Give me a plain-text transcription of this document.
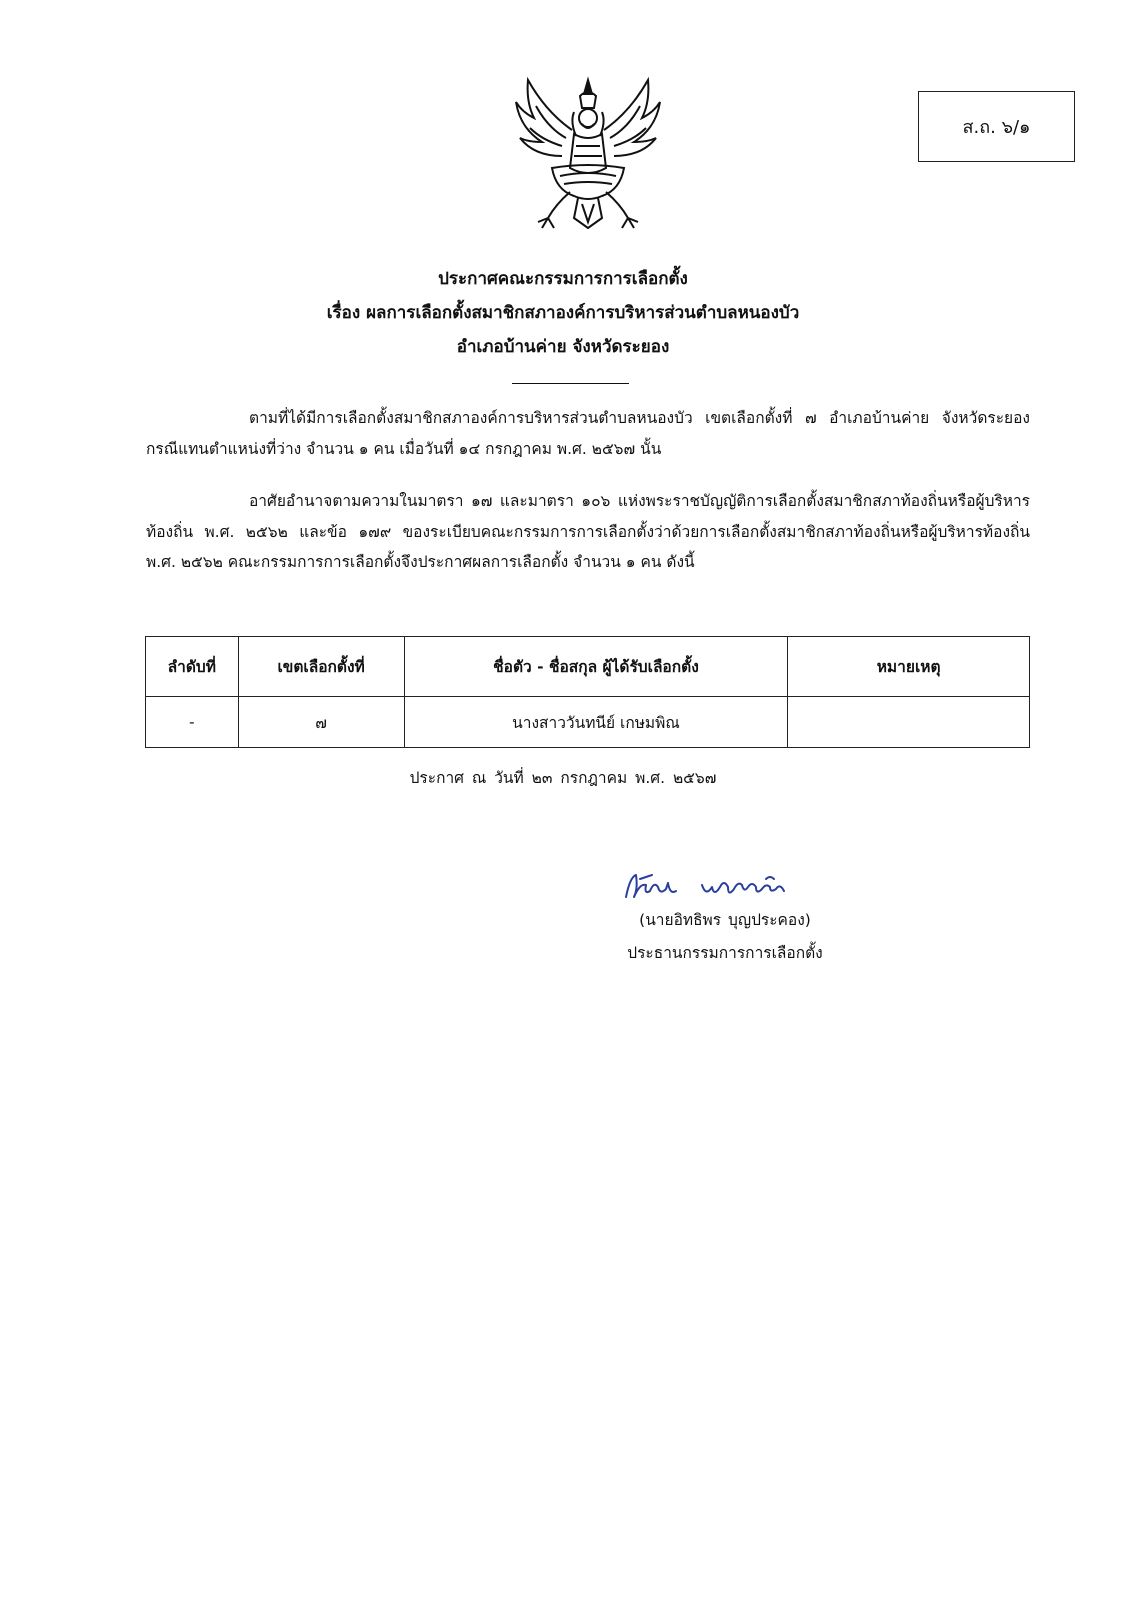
ส.ถ. ๖/๑
ประกาศคณะกรรมการการเลือกตั้ง
เรื่อง ผลการเลือกตั้งสมาชิกสภาองค์การบริหารส่วนตำบลหนองบัว
อำเภอบ้านค่าย จังหวัดระยอง
ตามที่ได้มีการเลือกตั้งสมาชิกสภาองค์การบริหารส่วนตำบลหนองบัว เขตเลือกตั้งที่ ๗ อำเภอบ้านค่าย จังหวัดระยอง กรณีแทนตำแหน่งที่ว่าง จำนวน ๑ คน เมื่อวันที่ ๑๔ กรกฎาคม พ.ศ. ๒๕๖๗ นั้น
อาศัยอำนาจตามความในมาตรา ๑๗ และมาตรา ๑๐๖ แห่งพระราชบัญญัติการเลือกตั้งสมาชิกสภาท้องถิ่นหรือผู้บริหารท้องถิ่น พ.ศ. ๒๕๖๒ และข้อ ๑๗๙ ของระเบียบคณะกรรมการการเลือกตั้งว่าด้วยการเลือกตั้งสมาชิกสภาท้องถิ่นหรือผู้บริหารท้องถิ่น พ.ศ. ๒๕๖๒ คณะกรรมการการเลือกตั้งจึงประกาศผลการเลือกตั้ง จำนวน ๑ คน ดังนี้
ลำดับที่	เขตเลือกตั้งที่	ชื่อตัว - ชื่อสกุล ผู้ได้รับเลือกตั้ง	หมายเหตุ
-	๗	นางสาววันทนีย์ เกษมพิณ	
ประกาศ ณ วันที่ ๒๓ กรกฎาคม พ.ศ. ๒๕๖๗
(นายอิทธิพร บุญประคอง)
ประธานกรรมการการเลือกตั้ง
